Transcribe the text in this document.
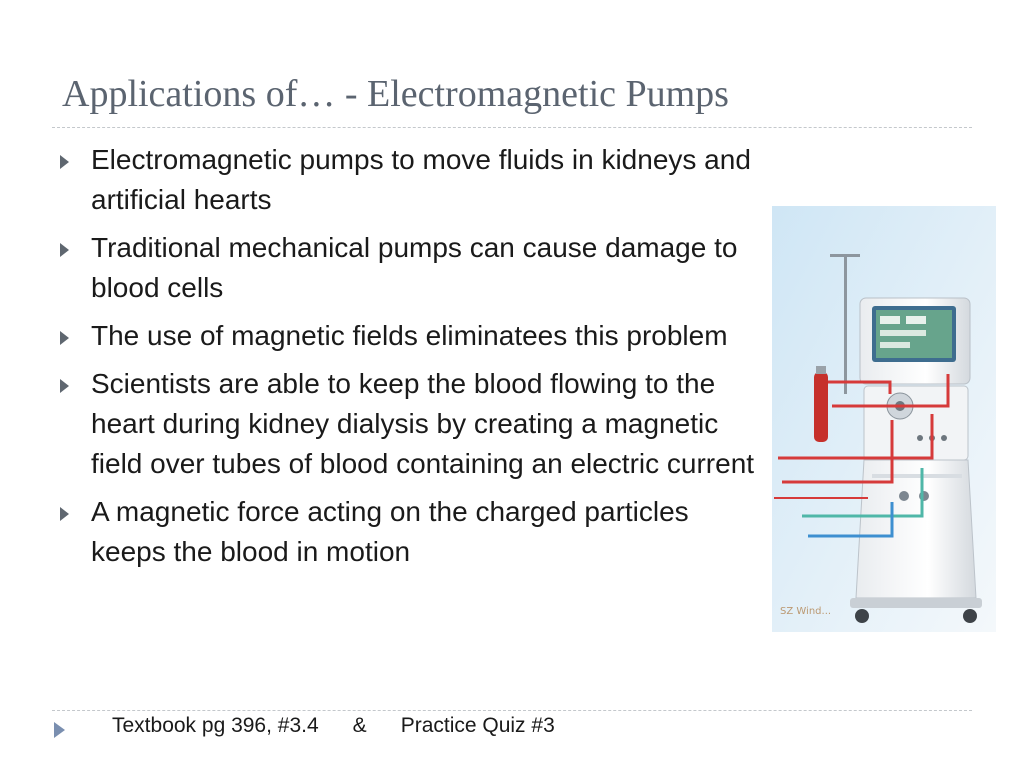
Applications of… - Electromagnetic Pumps
Electromagnetic pumps to move fluids in kidneys and artificial hearts
Traditional mechanical pumps can cause damage to blood cells
The use of magnetic fields eliminatees this problem
Scientists are able to keep the blood flowing to the heart during kidney dialysis by creating a magnetic field over tubes of blood containing an electric current
A magnetic force acting on the charged particles keeps the blood in motion
SZ Wind...
Textbook pg 396, #3.4 & Practice Quiz #3
